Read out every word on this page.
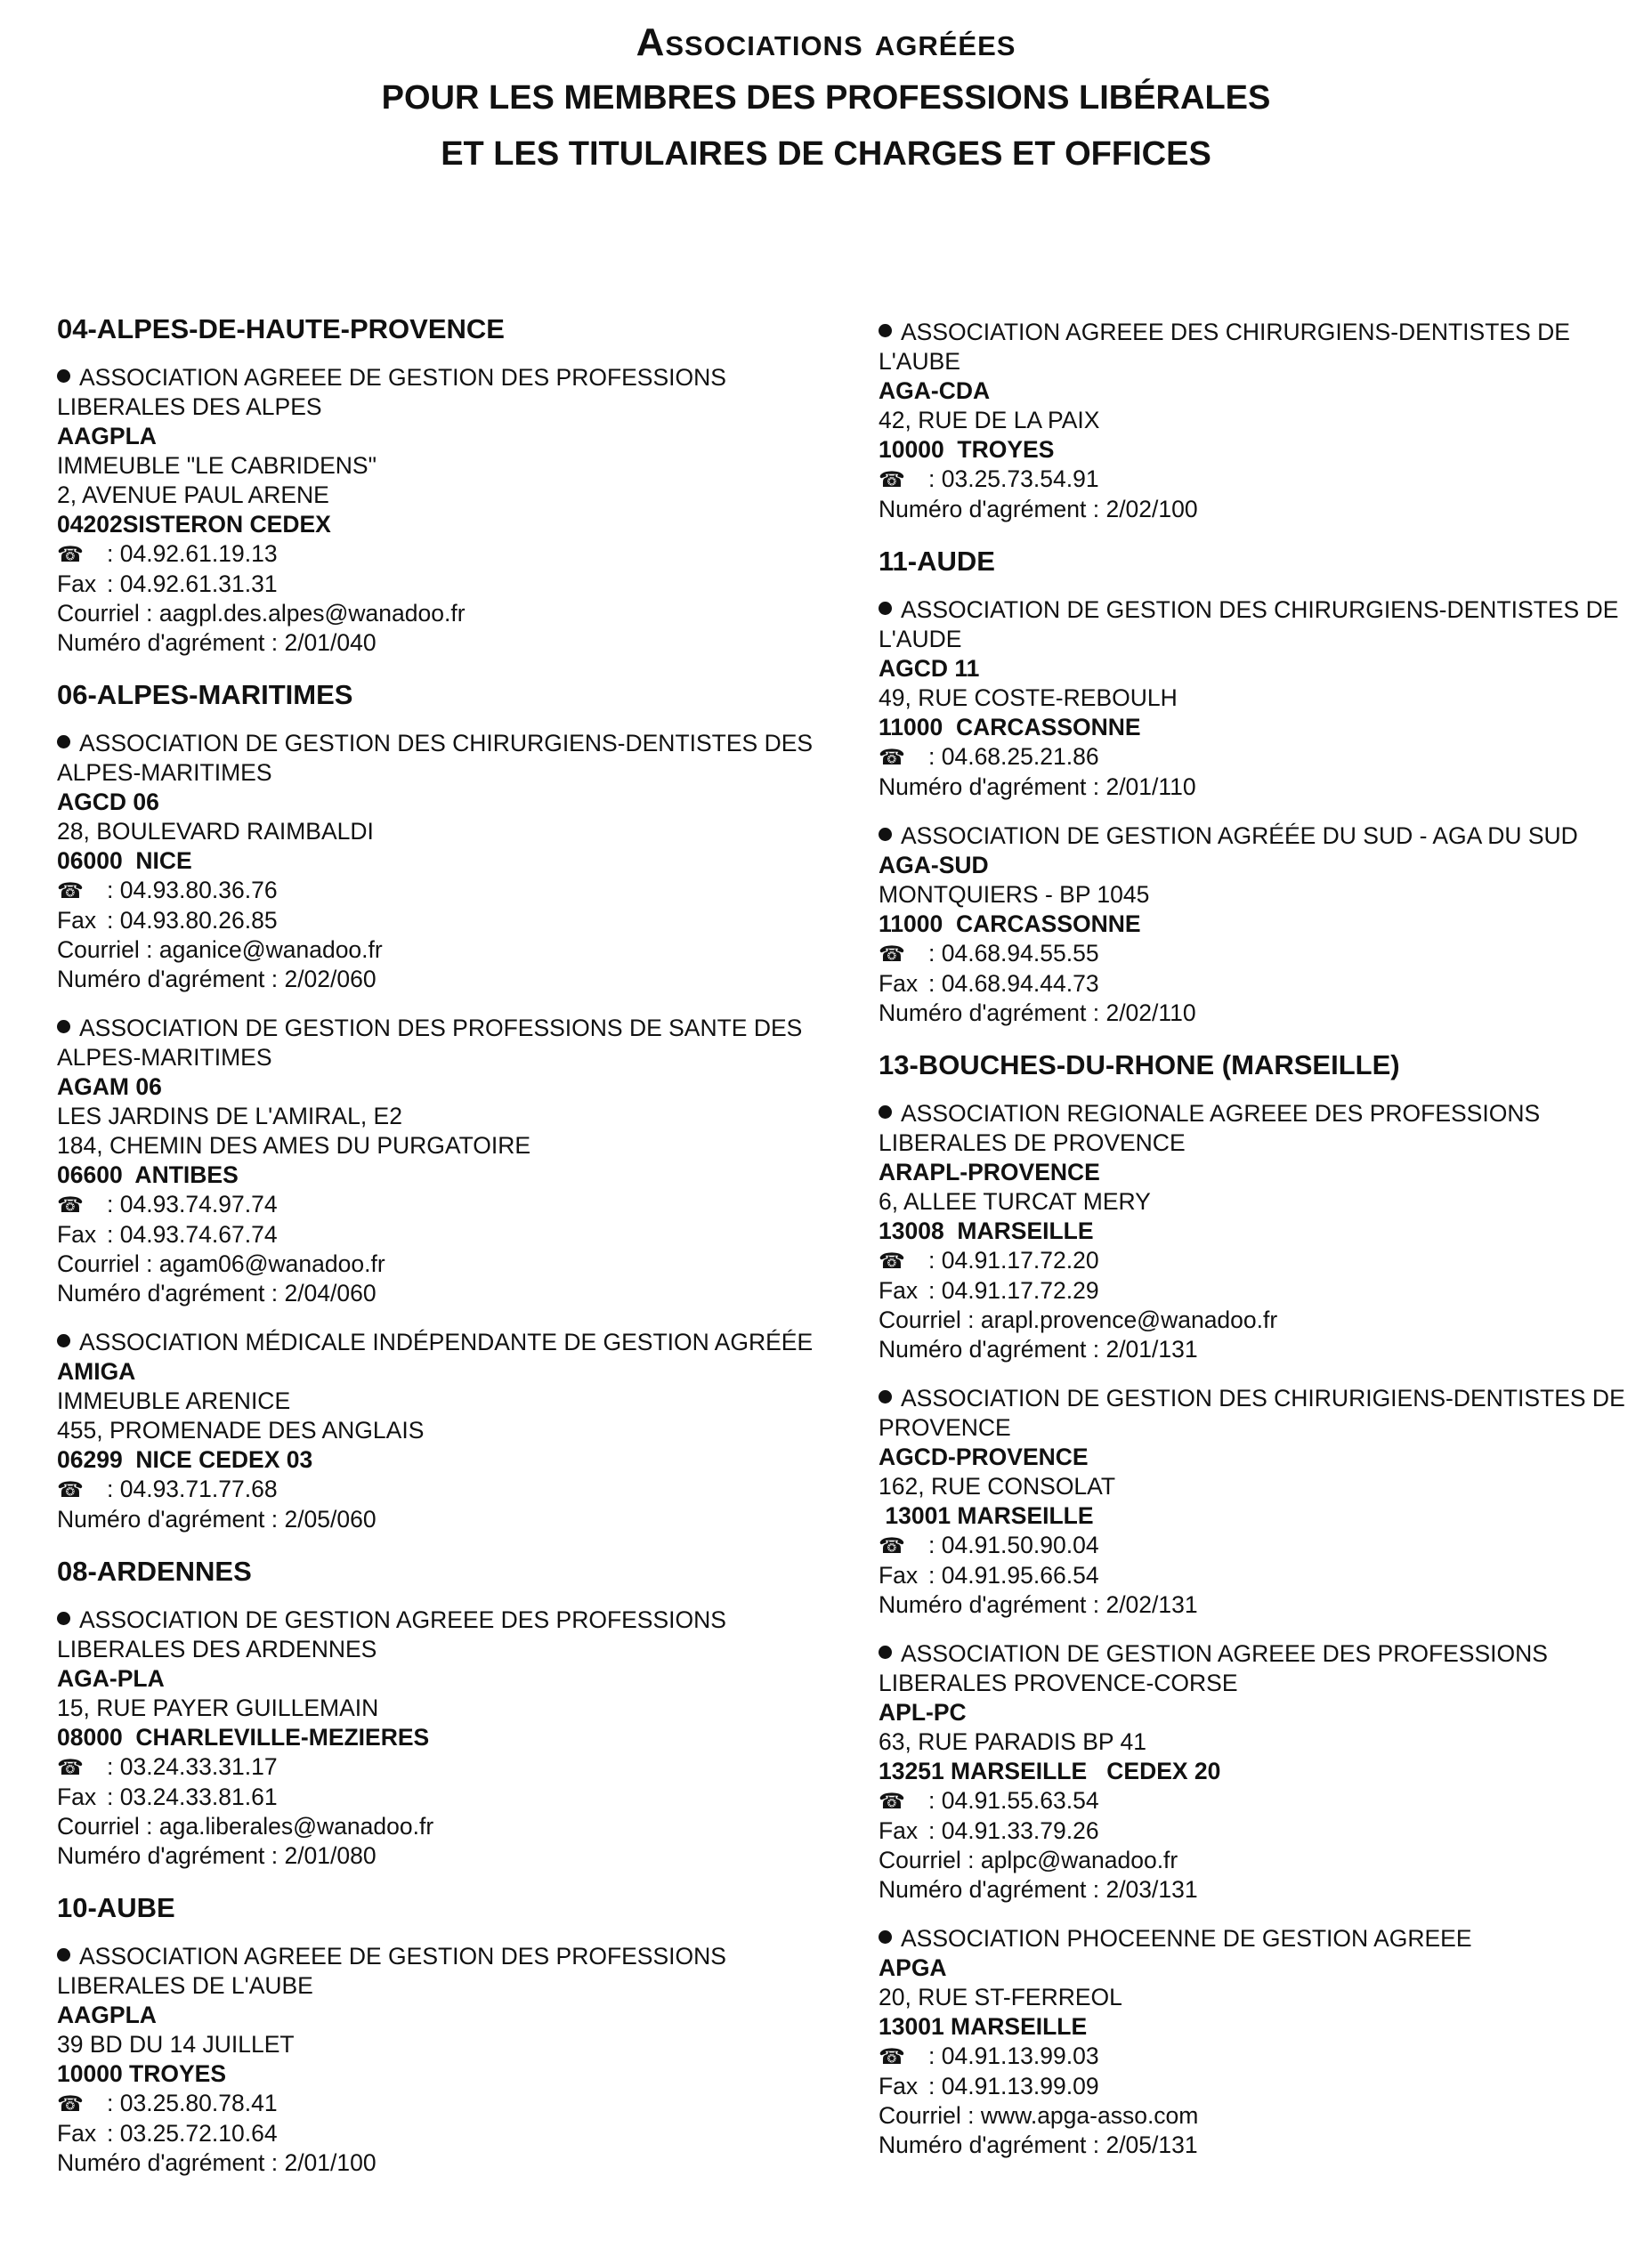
Associations agréées
POUR LES MEMBRES DES PROFESSIONS LIBÉRALES
ET LES TITULAIRES DE CHARGES ET OFFICES
04-ALPES-DE-HAUTE-PROVENCE
ASSOCIATION AGREEE DE GESTION DES PROFESSIONS LIBERALES DES ALPES
AAGPLA
IMMEUBLE "LE CABRIDENS"
2, AVENUE PAUL ARENE
04202SISTERON CEDEX
☎ : 04.92.61.19.13
Fax : 04.92.61.31.31
Courriel : aagpl.des.alpes@wanadoo.fr
Numéro d'agrément : 2/01/040
06-ALPES-MARITIMES
ASSOCIATION DE GESTION DES CHIRURGIENS-DENTISTES DES ALPES-MARITIMES
AGCD 06
28, BOULEVARD RAIMBALDI
06000  NICE
☎ : 04.93.80.36.76
Fax : 04.93.80.26.85
Courriel : aganice@wanadoo.fr
Numéro d'agrément : 2/02/060
ASSOCIATION DE GESTION DES PROFESSIONS DE SANTE DES ALPES-MARITIMES
AGAM 06
LES JARDINS DE L'AMIRAL, E2
184, CHEMIN DES AMES DU PURGATOIRE
06600  ANTIBES
☎ : 04.93.74.97.74
Fax : 04.93.74.67.74
Courriel : agam06@wanadoo.fr
Numéro d'agrément : 2/04/060
ASSOCIATION MÉDICALE INDÉPENDANTE DE GESTION AGRÉÉE
AMIGA
IMMEUBLE ARENICE
455, PROMENADE DES ANGLAIS
06299  NICE CEDEX 03
☎ : 04.93.71.77.68
Numéro d'agrément : 2/05/060
08-ARDENNES
ASSOCIATION DE GESTION AGREEE DES PROFESSIONS LIBERALES DES ARDENNES
AGA-PLA
15, RUE PAYER GUILLEMAIN
08000  CHARLEVILLE-MEZIERES
☎ : 03.24.33.31.17
Fax : 03.24.33.81.61
Courriel : aga.liberales@wanadoo.fr
Numéro d'agrément : 2/01/080
10-AUBE
ASSOCIATION AGREEE DE GESTION DES PROFESSIONS LIBERALES DE L'AUBE
AAGPLA
39 BD DU 14 JUILLET
10000 TROYES
☎ : 03.25.80.78.41
Fax : 03.25.72.10.64
Numéro d'agrément : 2/01/100
ASSOCIATION AGREEE DES CHIRURGIENS-DENTISTES DE L'AUBE
AGA-CDA
42, RUE DE LA PAIX
10000  TROYES
☎ : 03.25.73.54.91
Numéro d'agrément : 2/02/100
11-AUDE
ASSOCIATION DE GESTION DES CHIRURGIENS-DENTISTES DE L'AUDE
AGCD 11
49, RUE COSTE-REBOULH
11000  CARCASSONNE
☎ : 04.68.25.21.86
Numéro d'agrément : 2/01/110
ASSOCIATION DE GESTION AGRÉÉE DU SUD - AGA DU SUD
AGA-SUD
MONTQUIERS - BP 1045
11000  CARCASSONNE
☎ : 04.68.94.55.55
Fax : 04.68.94.44.73
Numéro d'agrément : 2/02/110
13-BOUCHES-DU-RHONE (MARSEILLE)
ASSOCIATION REGIONALE AGREEE DES PROFESSIONS LIBERALES DE PROVENCE
ARAPL-PROVENCE
6, ALLEE TURCAT MERY
13008  MARSEILLE
☎ : 04.91.17.72.20
Fax : 04.91.17.72.29
Courriel : arapl.provence@wanadoo.fr
Numéro d'agrément : 2/01/131
ASSOCIATION DE GESTION DES CHIRURIGIENS-DENTISTES DE PROVENCE
AGCD-PROVENCE
162, RUE CONSOLAT
13001 MARSEILLE
☎ : 04.91.50.90.04
Fax : 04.91.95.66.54
Numéro d'agrément : 2/02/131
ASSOCIATION DE GESTION AGREEE DES PROFESSIONS LIBERALES PROVENCE-CORSE
APL-PC
63, RUE PARADIS BP 41
13251 MARSEILLE   CEDEX 20
☎ : 04.91.55.63.54
Fax : 04.91.33.79.26
Courriel : aplpc@wanadoo.fr
Numéro d'agrément : 2/03/131
ASSOCIATION PHOCEENNE DE GESTION AGREEE
APGA
20, RUE ST-FERREOL
13001 MARSEILLE
☎ : 04.91.13.99.03
Fax : 04.91.13.99.09
Courriel : www.apga-asso.com
Numéro d'agrément : 2/05/131
